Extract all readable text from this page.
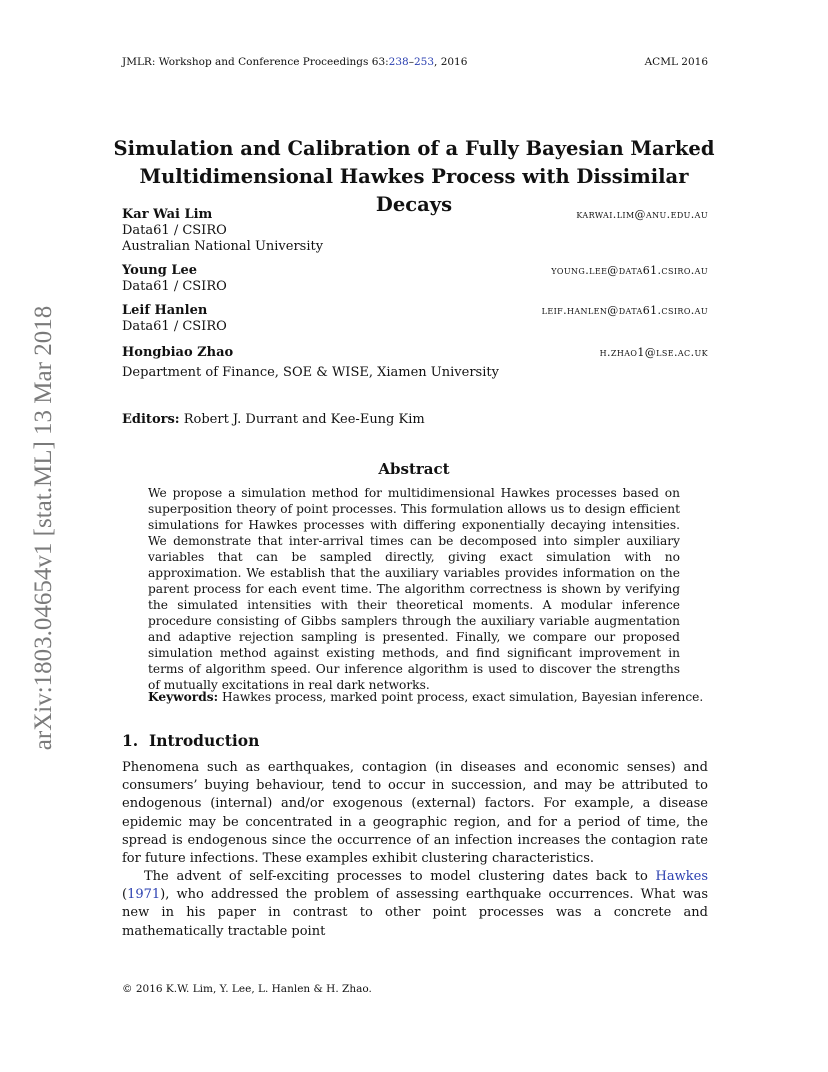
arXiv:1803.04654v1 [stat.ML] 13 Mar 2018
JMLR: Workshop and Conference Proceedings 63:238–253, 2016	ACML 2016
Simulation and Calibration of a Fully Bayesian Marked
Multidimensional Hawkes Process with Dissimilar Decays
Kar Wai Lim	karwai.lim@anu.edu.au
Data61 / CSIRO
Australian National University
Young Lee	young.lee@data61.csiro.au
Data61 / CSIRO
Leif Hanlen	leif.hanlen@data61.csiro.au
Data61 / CSIRO
Hongbiao Zhao	h.zhao1@lse.ac.uk
Department of Finance, SOE & WISE, Xiamen University
Editors: Robert J. Durrant and Kee-Eung Kim
Abstract
We propose a simulation method for multidimensional Hawkes processes based on superposition theory of point processes. This formulation allows us to design efficient simulations for Hawkes processes with differing exponentially decaying intensities. We demonstrate that inter-arrival times can be decomposed into simpler auxiliary variables that can be sampled directly, giving exact simulation with no approximation. We establish that the auxiliary variables provides information on the parent process for each event time. The algorithm correctness is shown by verifying the simulated intensities with their theoretical moments. A modular inference procedure consisting of Gibbs samplers through the auxiliary variable augmentation and adaptive rejection sampling is presented. Finally, we compare our proposed simulation method against existing methods, and find significant improvement in terms of algorithm speed. Our inference algorithm is used to discover the strengths of mutually excitations in real dark networks.
Keywords: Hawkes process, marked point process, exact simulation, Bayesian inference.
1. Introduction
Phenomena such as earthquakes, contagion (in diseases and economic senses) and consumers’ buying behaviour, tend to occur in succession, and may be attributed to endogenous (internal) and/or exogenous (external) factors. For example, a disease epidemic may be concentrated in a geographic region, and for a period of time, the spread is endogenous since the occurrence of an infection increases the contagion rate for future infections. These examples exhibit clustering characteristics.
The advent of self-exciting processes to model clustering dates back to Hawkes (1971), who addressed the problem of assessing earthquake occurrences. What was new in his paper in contrast to other point processes was a concrete and mathematically tractable point
© 2016 K.W. Lim, Y. Lee, L. Hanlen & H. Zhao.
